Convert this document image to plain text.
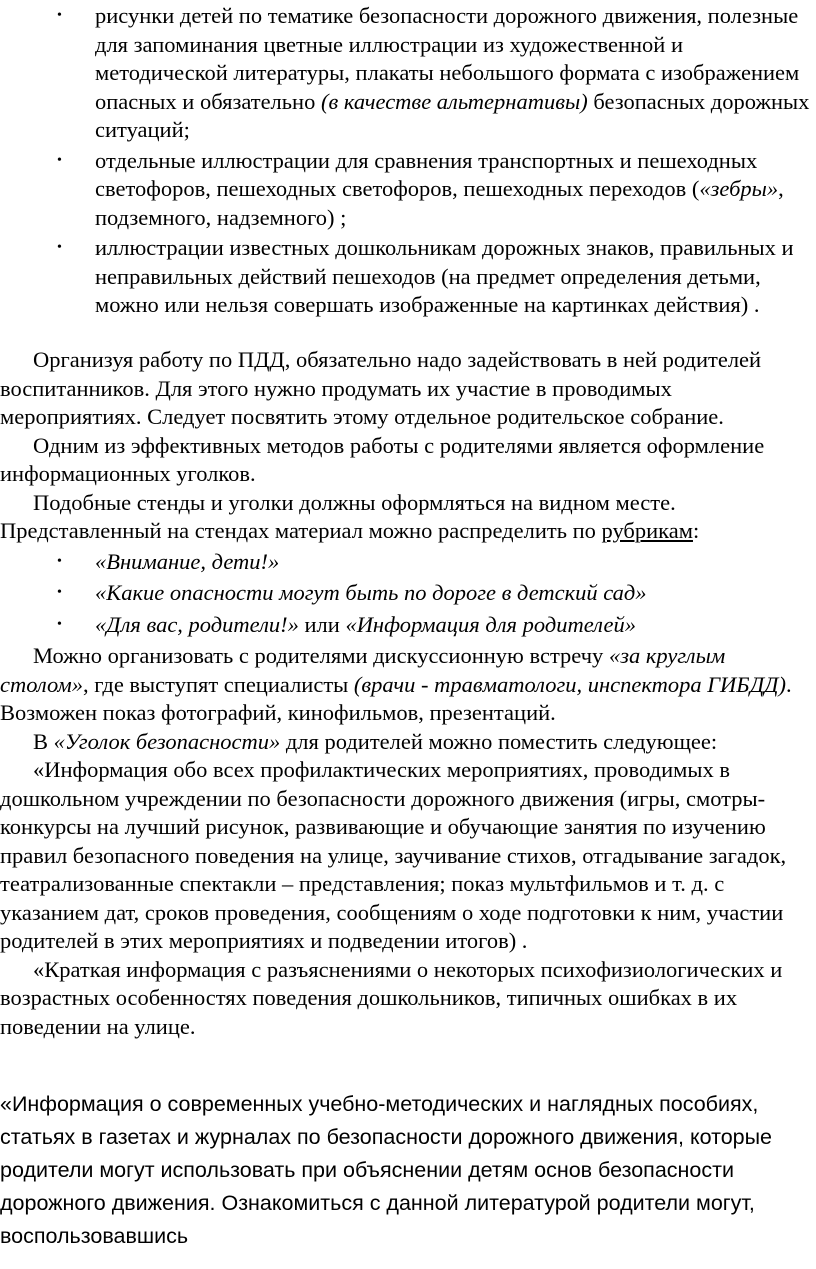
• рисунки детей по тематике безопасности дорожного движения, полезные для запоминания цветные иллюстрации из художественной и методической литературы, плакаты небольшого формата с изображением опасных и обязательно (в качестве альтернативы) безопасных дорожных ситуаций;
• отдельные иллюстрации для сравнения транспортных и пешеходных светофоров, пешеходных светофоров, пешеходных переходов («зебры», подземного, надземного) ;
• иллюстрации известных дошкольникам дорожных знаков, правильных и неправильных действий пешеходов (на предмет определения детьми, можно или нельзя совершать изображенные на картинках действия) .

Организуя работу по ПДД, обязательно надо задействовать в ней родителей воспитанников. Для этого нужно продумать их участие в проводимых мероприятиях. Следует посвятить этому отдельное родительское собрание.

Одним из эффективных методов работы с родителями является оформление информационных уголков.

Подобные стенды и уголки должны оформляться на видном месте. Представленный на стендах материал можно распределить по рубрикам:

• «Внимание, дети!»
• «Какие опасности могут быть по дороге в детский сад»
• «Для вас, родители!» или «Информация для родителей»

Можно организовать с родителями дискуссионную встречу «за круглым столом», где выступят специалисты (врачи - травматологи, инспектора ГИБДД). Возможен показ фотографий, кинофильмов, презентаций.

В «Уголок безопасности» для родителей можно поместить следующее:

«Информация обо всех профилактических мероприятиях, проводимых в дошкольном учреждении по безопасности дорожного движения (игры, смотры-конкурсы на лучший рисунок, развивающие и обучающие занятия по изучению правил безопасного поведения на улице, заучивание стихов, отгадывание загадок, театрализованные спектакли – представления; показ мультфильмов и т. д. с указанием дат, сроков проведения, сообщениям о ходе подготовки к ним, участии родителей в этих мероприятиях и подведении итогов) .

«Краткая информация с разъяснениями о некоторых психофизиологических и возрастных особенностях поведения дошкольников, типичных ошибках в их поведении на улице.

«Информация о современных учебно-методических и наглядных пособиях, статьях в газетах и журналах по безопасности дорожного движения, которые родители могут использовать при объяснении детям основ безопасности дорожного движения. Ознакомиться с данной литературой родители могут, воспользовавшись
